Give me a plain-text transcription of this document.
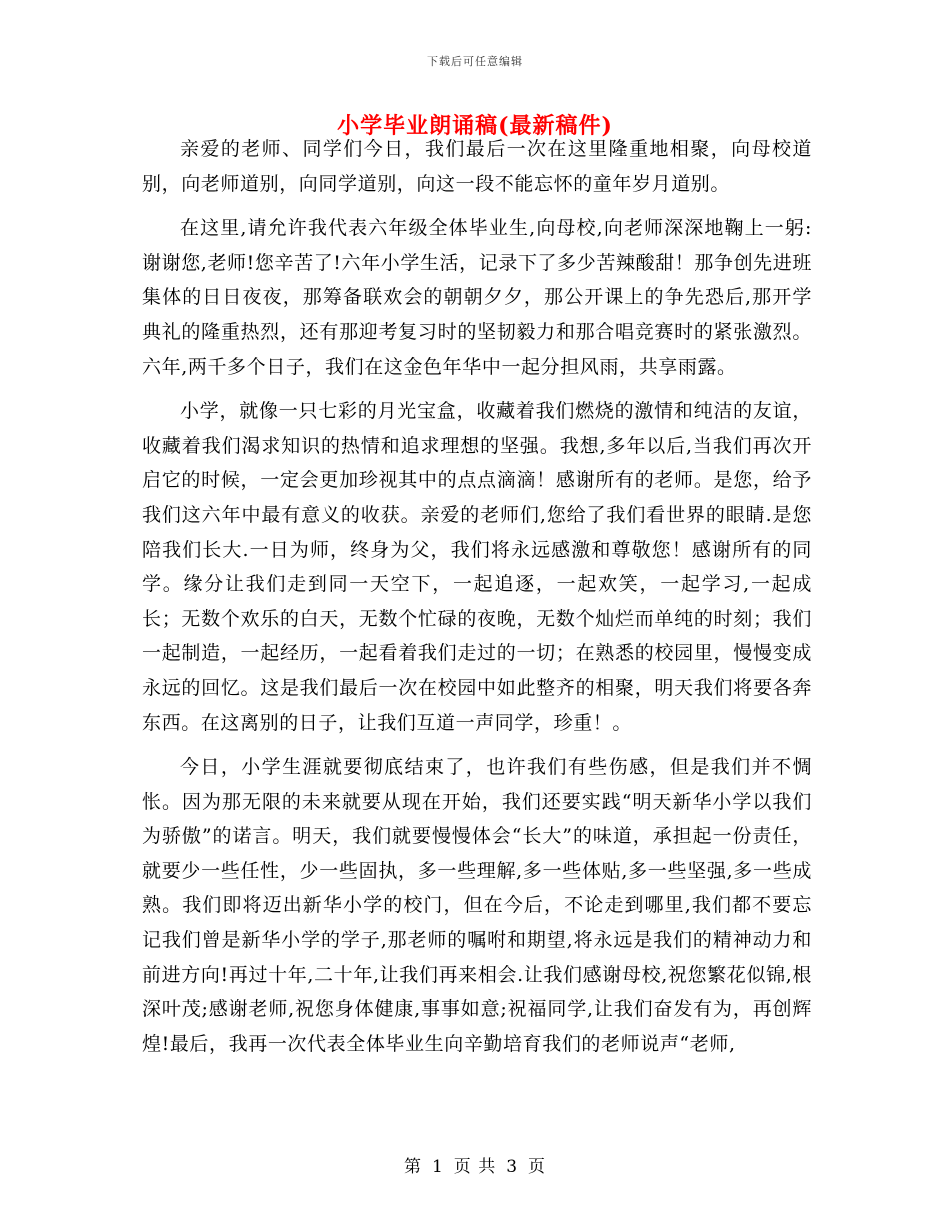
下载后可任意编辑
小学毕业朗诵稿(最新稿件)

亲爱的老师、同学们今日，我们最后一次在这里隆重地相聚，向母校道别，向老师道别，向同学道别，向这一段不能忘怀的童年岁月道别。

在这里,请允许我代表六年级全体毕业生,向母校,向老师深深地鞠上一躬:谢谢您,老师!您辛苦了!六年小学生活，记录下了多少苦辣酸甜！那争创先进班集体的日日夜夜，那筹备联欢会的朝朝夕夕，那公开课上的争先恐后,那开学典礼的隆重热烈，还有那迎考复习时的坚韧毅力和那合唱竞赛时的紧张激烈。六年,两千多个日子，我们在这金色年华中一起分担风雨，共享雨露。

小学，就像一只七彩的月光宝盒，收藏着我们燃烧的激情和纯洁的友谊，收藏着我们渴求知识的热情和追求理想的坚强。我想,多年以后,当我们再次开启它的时候，一定会更加珍视其中的点点滴滴！感谢所有的老师。是您，给予我们这六年中最有意义的收获。亲爱的老师们,您给了我们看世界的眼睛.是您陪我们长大.一日为师，终身为父，我们将永远感激和尊敬您！感谢所有的同学。缘分让我们走到同一天空下，一起追逐，一起欢笑，一起学习,一起成长；无数个欢乐的白天，无数个忙碌的夜晚，无数个灿烂而单纯的时刻；我们一起制造，一起经历，一起看着我们走过的一切；在熟悉的校园里，慢慢变成永远的回忆。这是我们最后一次在校园中如此整齐的相聚，明天我们将要各奔东西。在这离别的日子，让我们互道一声同学，珍重！。

今日，小学生涯就要彻底结束了，也许我们有些伤感，但是我们并不惆怅。因为那无限的未来就要从现在开始，我们还要实践“明天新华小学以我们为骄傲”的诺言。明天，我们就要慢慢体会“长大”的味道，承担起一份责任，就要少一些任性，少一些固执，多一些理解,多一些体贴,多一些坚强,多一些成熟。我们即将迈出新华小学的校门，但在今后，不论走到哪里,我们都不要忘记我们曾是新华小学的学子,那老师的嘱咐和期望,将永远是我们的精神动力和前进方向!再过十年,二十年,让我们再来相会.让我们感谢母校,祝您繁花似锦,根深叶茂;感谢老师,祝您身体健康,事事如意;祝福同学,让我们奋发有为，再创辉煌!最后，我再一次代表全体毕业生向辛勤培育我们的老师说声“老师,

第 1 页 共 3 页
